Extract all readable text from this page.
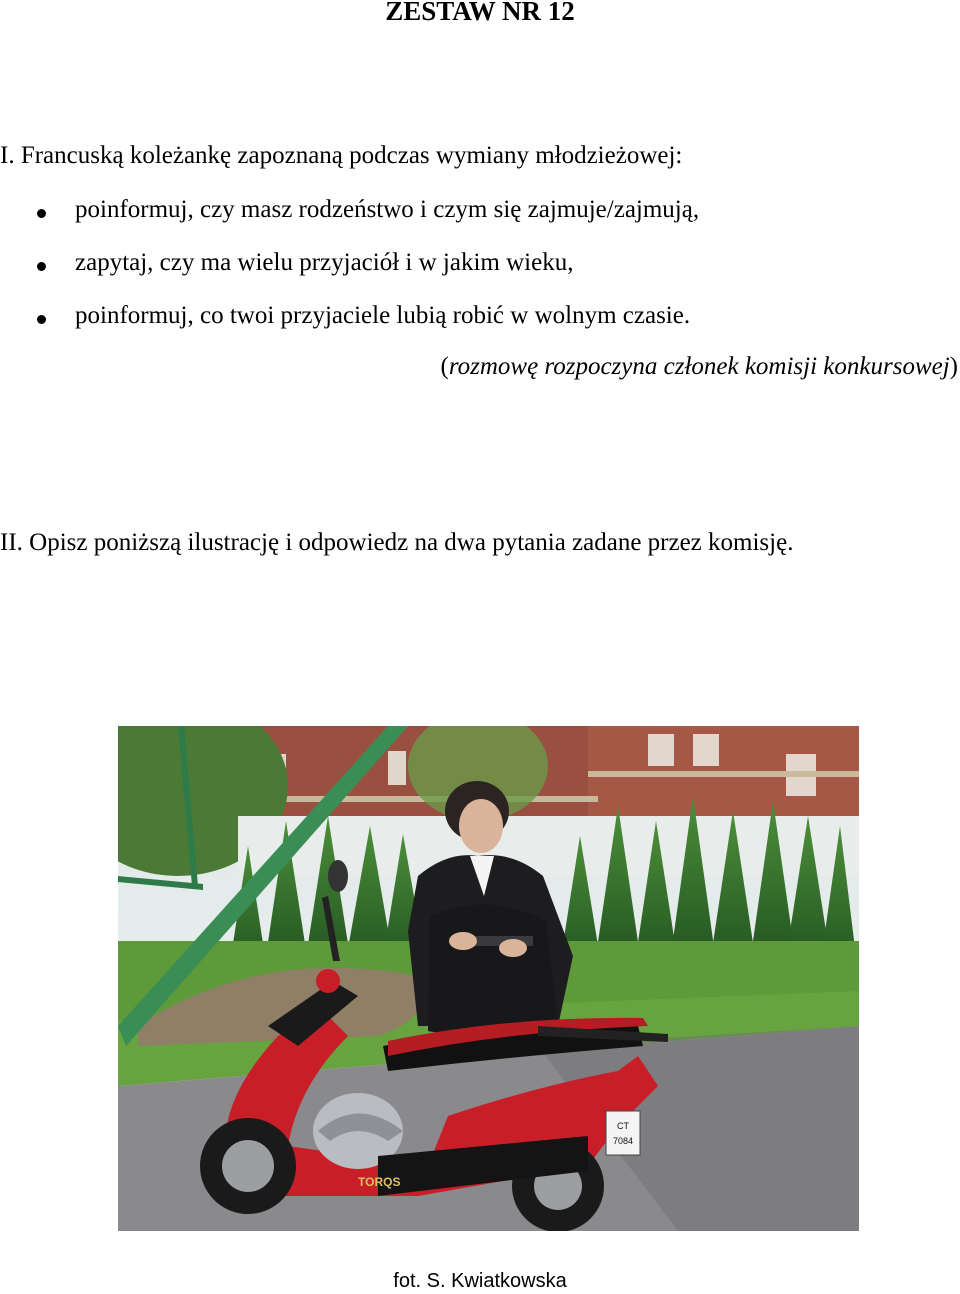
ZESTAW NR 12
I. Francuską koleżankę zapoznaną podczas wymiany młodzieżowej:
poinformuj, czy masz rodzeństwo i czym się zajmuje/zajmują,
zapytaj, czy ma wielu przyjaciół i w jakim wieku,
poinformuj, co twoi przyjaciele lubią robić w wolnym czasie.
(rozmowę rozpoczyna członek komisji konkursowej)
II. Opisz poniższą ilustrację i odpowiedz na dwa pytania zadane przez komisję.
CT
7084
TORQS
fot. S. Kwiatkowska
